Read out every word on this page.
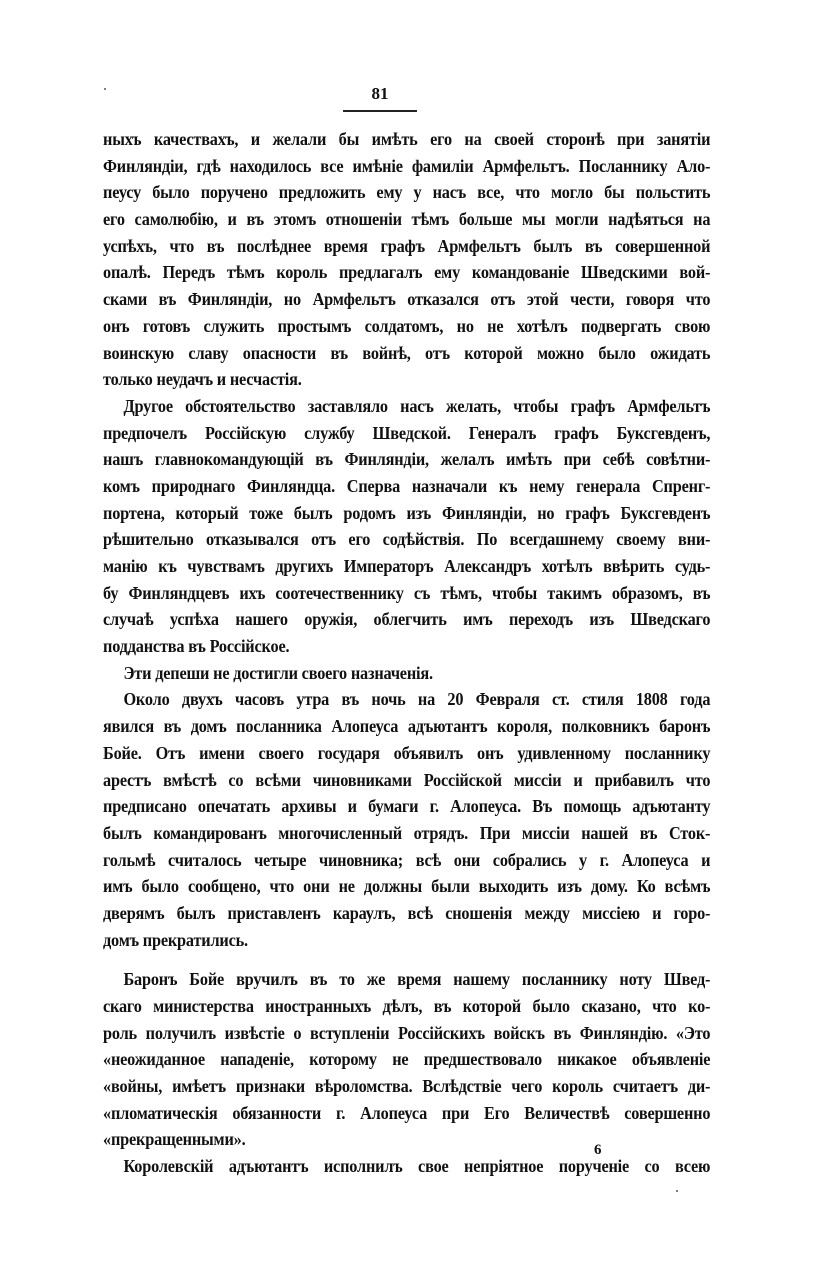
81
ныхъ качествахъ, и желали бы имѣть его на своей сторонѣ при занятіи
Финляндіи, гдѣ находилось все имѣніе фамиліи Армфельтъ. Посланнику Ало-
пеусу было поручено предложить ему у насъ все, что могло бы польстить
его самолюбію, и въ этомъ отношеніи тѣмъ больше мы могли надѣяться на
успѣхъ, что въ послѣднее время графъ Армфельтъ былъ въ совершенной
опалѣ. Передъ тѣмъ король предлагалъ ему командованіе Шведскими вой-
сками въ Финляндіи, но Армфельтъ отказался отъ этой чести, говоря что
онъ готовъ служить простымъ солдатомъ, но не хотѣлъ подвергать свою
воинскую славу опасности въ войнѣ, отъ которой можно было ожидать
только неудачъ и несчастія.
Другое обстоятельство заставляло насъ желать, чтобы графъ Армфельтъ
предпочелъ Россійскую службу Шведской. Генералъ графъ Буксгевденъ,
нашъ главнокомандующій въ Финляндіи, желалъ имѣть при себѣ совѣтни-
комъ природнаго Финляндца. Сперва назначали къ нему генерала Спренг-
портена, который тоже былъ родомъ изъ Финляндіи, но графъ Буксгевденъ
рѣшительно отказывался отъ его содѣйствія. По всегдашнему своему вни-
манію къ чувствамъ другихъ Императоръ Александръ хотѣлъ ввѣрить судь-
бу Финляндцевъ ихъ соотечественнику съ тѣмъ, чтобы такимъ образомъ, въ
случаѣ успѣха нашего оружія, облегчить имъ переходъ изъ Шведскаго
подданства въ Россійское.
Эти депеши не достигли своего назначенія.
Около двухъ часовъ утра въ ночь на 20 Февраля ст. стиля 1808 года
явился въ домъ посланника Алопеуса адъютантъ короля, полковникъ баронъ
Бойе. Отъ имени своего государя объявилъ онъ удивленному посланнику
арестъ вмѣстѣ со всѣми чиновниками Россійской миссіи и прибавилъ что
предписано опечатать архивы и бумаги г. Алопеуса. Въ помощь адъютанту
былъ командированъ многочисленный отрядъ. При миссіи нашей въ Сток-
гольмѣ считалось четыре чиновника; всѣ они собрались у г. Алопеуса и
имъ было сообщено, что они не должны были выходить изъ дому. Ко всѣмъ
дверямъ былъ приставленъ караулъ, всѣ сношенія между миссіею и горо-
домъ прекратились.
Баронъ Бойе вручилъ въ то же время нашему посланнику ноту Швед-
скаго министерства иностранныхъ дѣлъ, въ которой было сказано, что ко-
роль получилъ извѣстіе о вступленіи Россійскихъ войскъ въ Финляндію. «Это
«неожиданное нападеніе, которому не предшествовало никакое объявленіе
«войны, имѣетъ признаки вѣроломства. Вслѣдствіе чего король считаетъ ди-
«пломатическія обязанности г. Алопеуса при Его Величествѣ совершенно
«прекращенными».
Королевскій адъютантъ исполнилъ свое непріятное порученіе со всею
6
